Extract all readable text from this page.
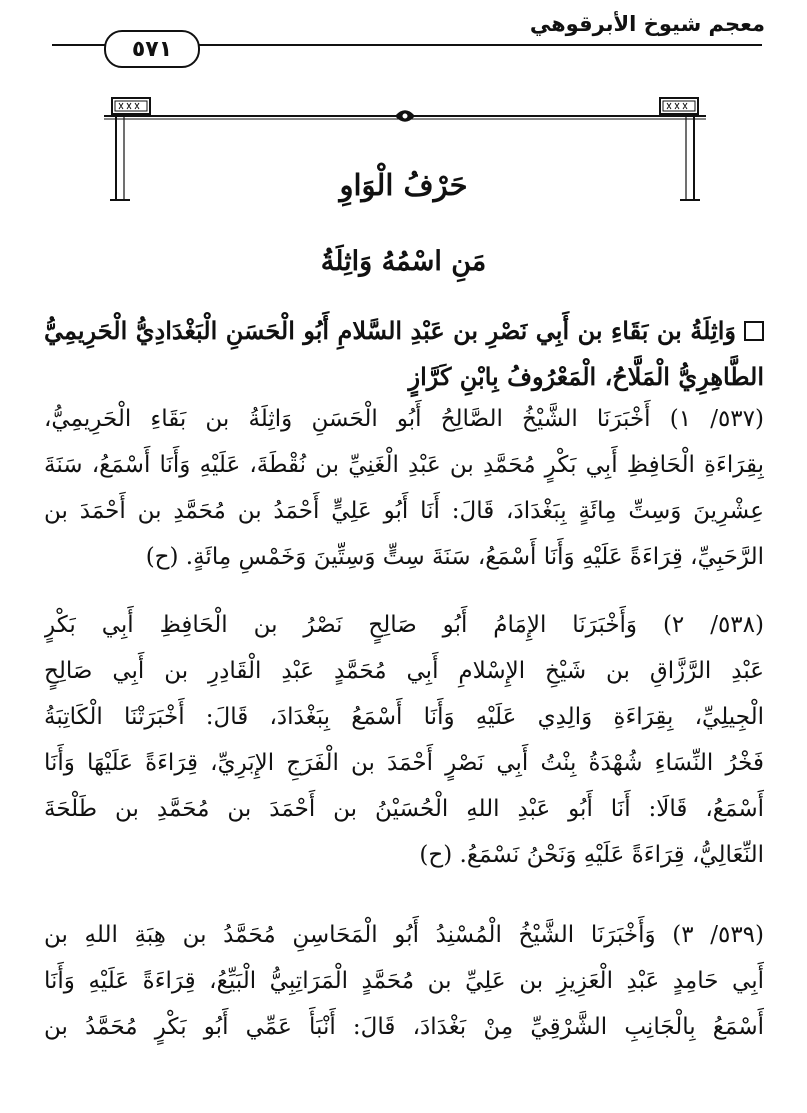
معجم شيوخ الأبرقوهي
٥٧١
حَرْفُ الْوَاوِ
مَنِ اسْمُهُ وَاثِلَةُ
وَاثِلَةُ بن بَقَاءِ بن أَبِي نَصْرِ بن عَبْدِ السَّلامِ أَبُو الْحَسَنِ الْبَغْدَادِيُّ الْحَرِيمِيُّ
الطَّاهِرِيُّ الْمَلَّاحُ، الْمَعْرُوفُ بِابْنِ كَرَّازٍ
(٥٣٧/ ١) أَخْبَرَنَا الشَّيْخُ الصَّالِحُ أَبُو الْحَسَنِ وَاثِلَةُ بن بَقَاءِ الْحَرِيمِيُّ،
بِقِرَاءَةِ الْحَافِظِ أَبِي بَكْرٍ مُحَمَّدِ بن عَبْدِ الْغَنِيِّ بن نُقْطَةَ، عَلَيْهِ وَأَنَا أَسْمَعُ، سَنَةَ
عِشْرِينَ وَسِتِّ مِائَةٍ بِبَغْدَادَ، قَالَ: أَنَا أَبُو عَلِيٍّ أَحْمَدُ بن مُحَمَّدِ بن أَحْمَدَ بن
الرَّحَبِيِّ، قِرَاءَةً عَلَيْهِ وَأَنَا أَسْمَعُ، سَنَةَ سِتٍّ وَسِتِّينَ وَخَمْسِ مِائَةٍ. (ح)
(٥٣٨/ ٢) وَأَخْبَرَنَا الإِمَامُ أَبُو صَالِحٍ نَصْرُ بن الْحَافِظِ أَبِي بَكْرٍ
عَبْدِ الرَّزَّاقِ بن شَيْخِ الإِسْلامِ أَبِي مُحَمَّدٍ عَبْدِ الْقَادِرِ بن أَبِي صَالِحٍ
الْجِيلِيِّ، بِقِرَاءَةِ وَالِدِي عَلَيْهِ وَأَنَا أَسْمَعُ بِبَغْدَادَ، قَالَ: أَخْبَرَتْنَا الْكَاتِبَةُ
فَخْرُ النِّسَاءِ شُهْدَةُ بِنْتُ أَبِي نَصْرٍ أَحْمَدَ بن الْفَرَجِ الإِبَرِيِّ، قِرَاءَةً عَلَيْهَا وَأَنَا
أَسْمَعُ، قَالَا: أَنَا أَبُو عَبْدِ اللهِ الْحُسَيْنُ بن أَحْمَدَ بن مُحَمَّدِ بن طَلْحَةَ
النِّعَالِيُّ، قِرَاءَةً عَلَيْهِ وَنَحْنُ نَسْمَعُ. (ح)
(٥٣٩/ ٣) وَأَخْبَرَنَا الشَّيْخُ الْمُسْنِدُ أَبُو الْمَحَاسِنِ مُحَمَّدُ بن هِبَةِ اللهِ بن
أَبِي حَامِدٍ عَبْدِ الْعَزِيزِ بن عَلِيِّ بن مُحَمَّدٍ الْمَرَاتِبِيُّ الْبَيِّعُ، قِرَاءَةً عَلَيْهِ وَأَنَا
أَسْمَعُ بِالْجَانِبِ الشَّرْقِيِّ مِنْ بَغْدَادَ، قَالَ: أَنْبَأَ عَمِّي أَبُو بَكْرٍ مُحَمَّدُ بن
